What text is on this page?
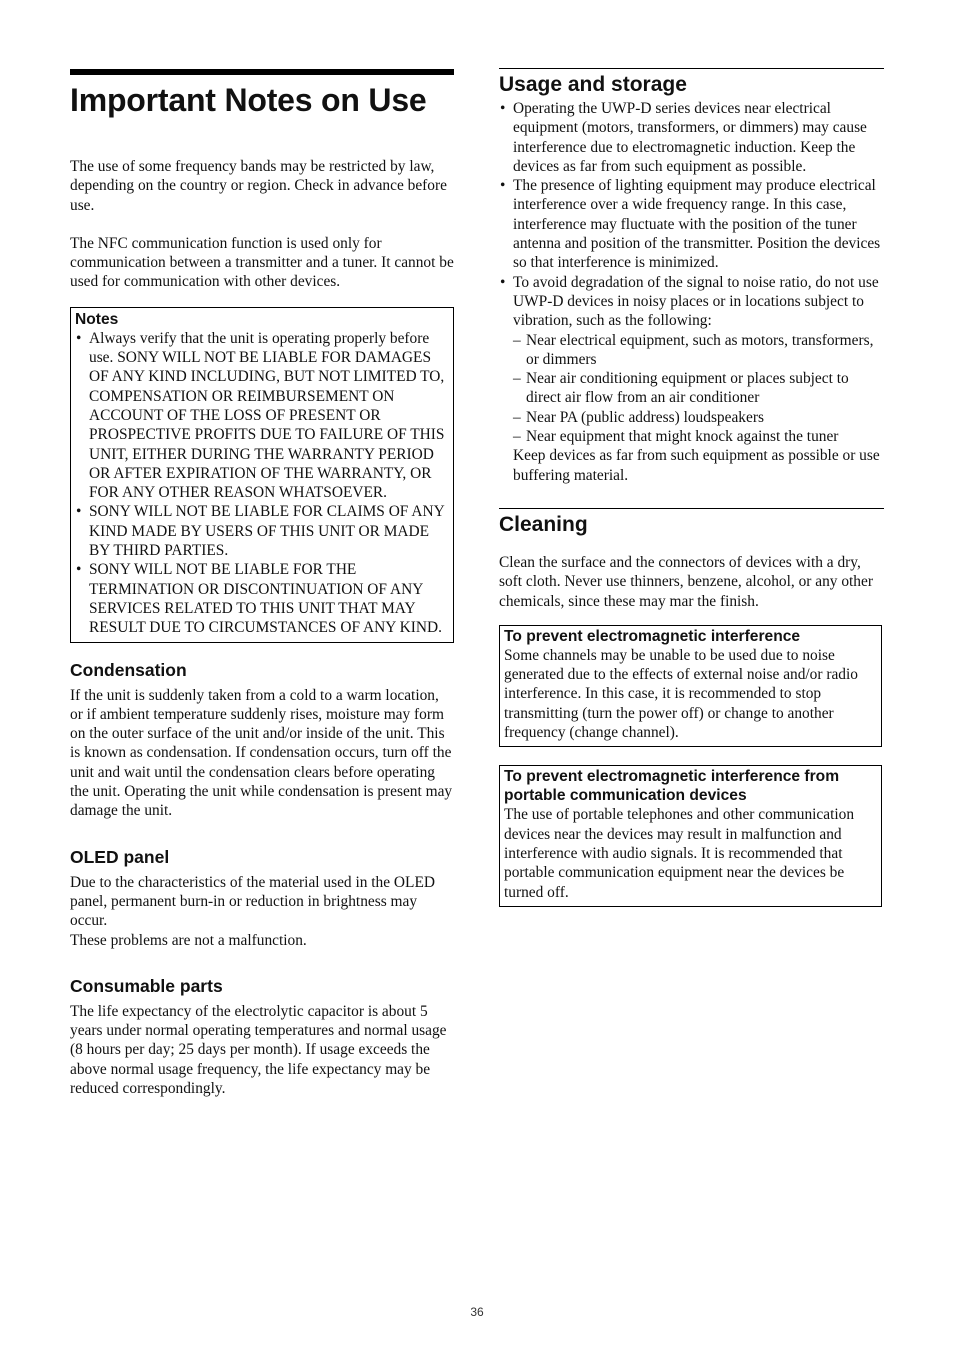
Important Notes on Use

The use of some frequency bands may be restricted by law, depending on the country or region. Check in advance before use.

The NFC communication function is used only for communication between a transmitter and a tuner. It cannot be used for communication with other devices.

Notes
• Always verify that the unit is operating properly before use. SONY WILL NOT BE LIABLE FOR DAMAGES OF ANY KIND INCLUDING, BUT NOT LIMITED TO, COMPENSATION OR REIMBURSEMENT ON ACCOUNT OF THE LOSS OF PRESENT OR PROSPECTIVE PROFITS DUE TO FAILURE OF THIS UNIT, EITHER DURING THE WARRANTY PERIOD OR AFTER EXPIRATION OF THE WARRANTY, OR FOR ANY OTHER REASON WHATSOEVER.
• SONY WILL NOT BE LIABLE FOR CLAIMS OF ANY KIND MADE BY USERS OF THIS UNIT OR MADE BY THIRD PARTIES.
• SONY WILL NOT BE LIABLE FOR THE TERMINATION OR DISCONTINUATION OF ANY SERVICES RELATED TO THIS UNIT THAT MAY RESULT DUE TO CIRCUMSTANCES OF ANY KIND.
Condensation

If the unit is suddenly taken from a cold to a warm location, or if ambient temperature suddenly rises, moisture may form on the outer surface of the unit and/or inside of the unit. This is known as condensation. If condensation occurs, turn off the unit and wait until the condensation clears before operating the unit. Operating the unit while condensation is present may damage the unit.

OLED panel

Due to the characteristics of the material used in the OLED panel, permanent burn-in or reduction in brightness may occur.

These problems are not a malfunction.

Consumable parts

The life expectancy of the electrolytic capacitor is about 5 years under normal operating temperatures and normal usage (8 hours per day; 25 days per month). If usage exceeds the above normal usage frequency, the life expectancy may be reduced correspondingly.

Usage and storage
• Operating the UWP-D series devices near electrical equipment (motors, transformers, or dimmers) may cause interference due to electromagnetic induction. Keep the devices as far from such equipment as possible.
• The presence of lighting equipment may produce electrical interference over a wide frequency range. In this case, interference may fluctuate with the position of the tuner antenna and position of the transmitter. Position the devices so that interference is minimized.
• To avoid degradation of the signal to noise ratio, do not use UWP-D devices in noisy places or in locations subject to vibration, such as the following:
– Near electrical equipment, such as motors, transformers, or dimmers
– Near air conditioning equipment or places subject to direct air flow from an air conditioner
– Near PA (public address) loudspeakers
– Near equipment that might knock against the tuner
Keep devices as far from such equipment as possible or use buffering material.
Cleaning

Clean the surface and the connectors of devices with a dry, soft cloth. Never use thinners, benzene, alcohol, or any other chemicals, since these may mar the finish.

To prevent electromagnetic interference

Some channels may be unable to be used due to noise generated due to the effects of external noise and/or radio interference. In this case, it is recommended to stop transmitting (turn the power off) or change to another frequency (change channel).

To prevent electromagnetic interference from portable communication devices

The use of portable telephones and other communication devices near the devices may result in malfunction and interference with audio signals. It is recommended that portable communication equipment near the devices be turned off.

36
